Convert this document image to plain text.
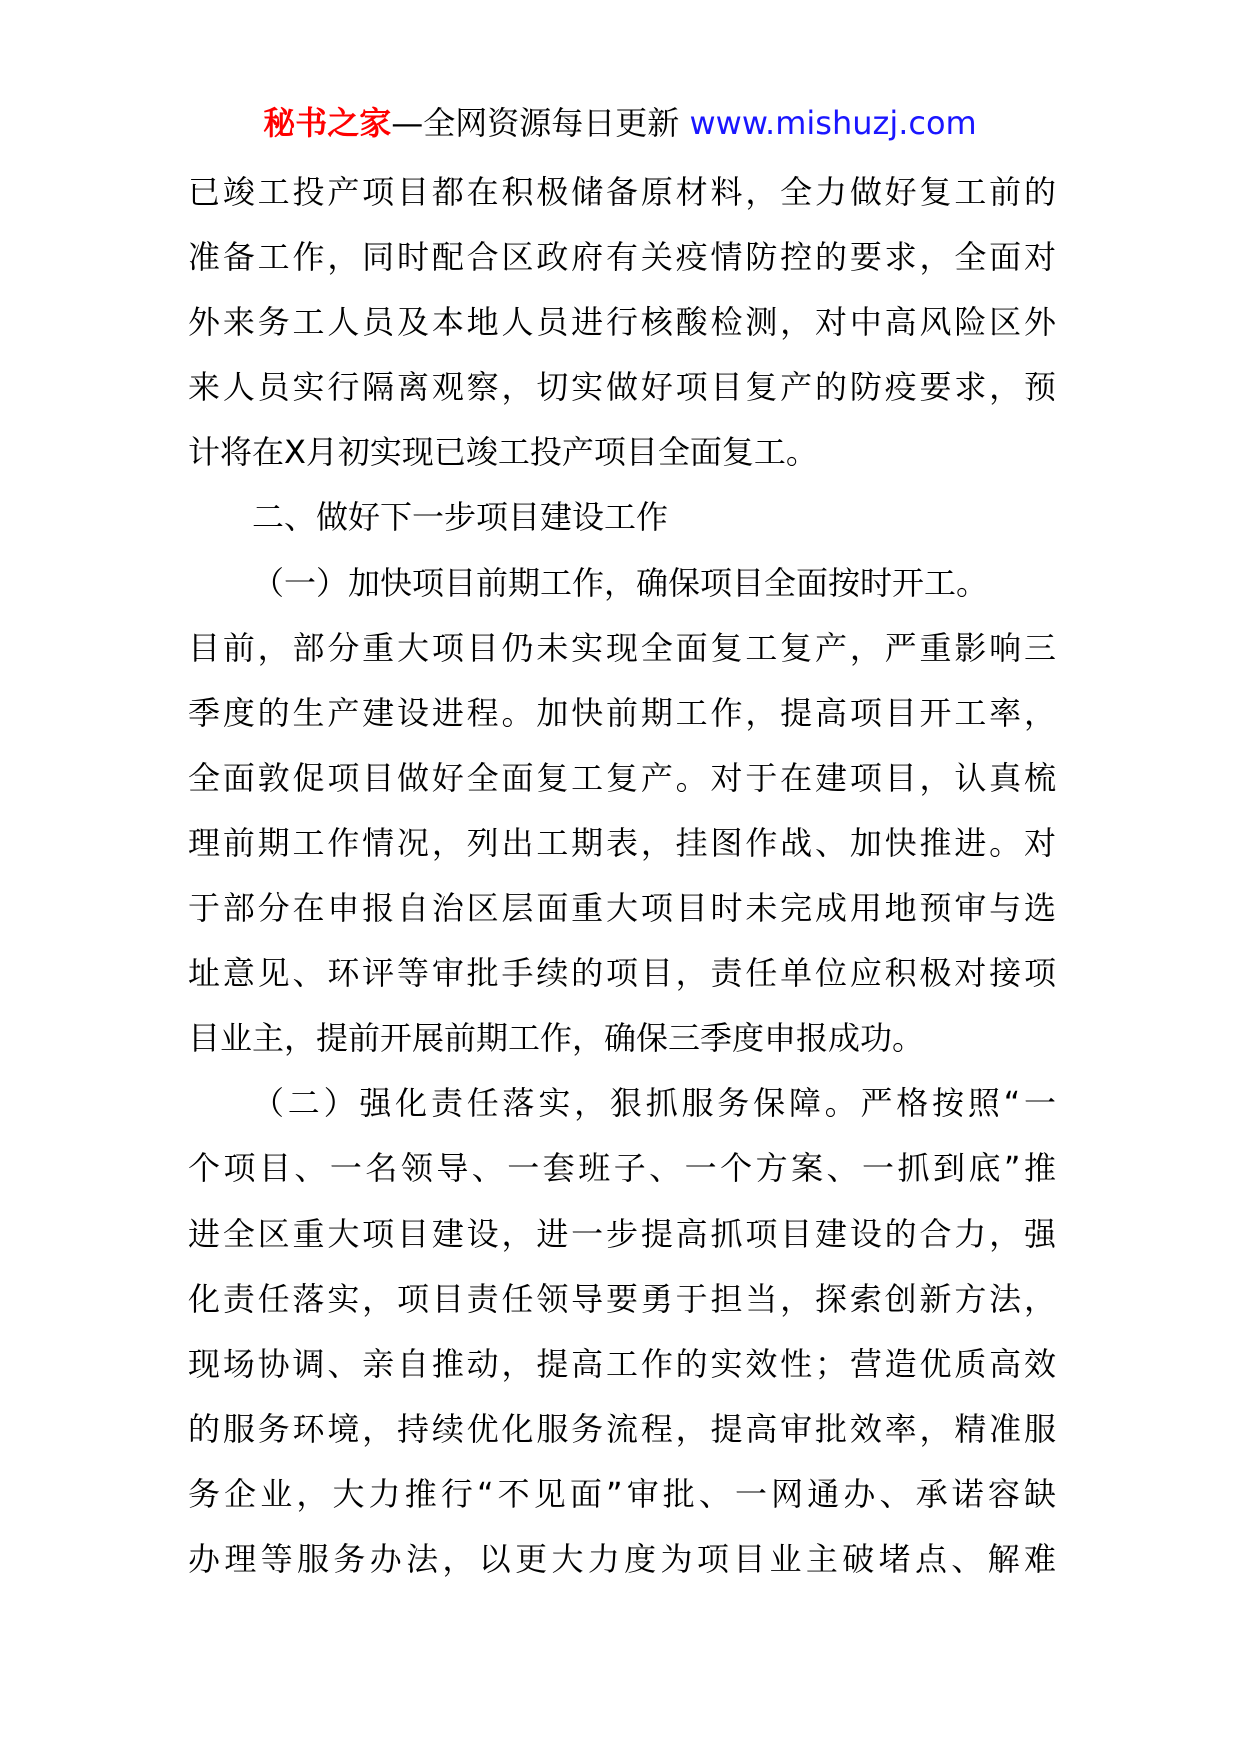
秘书之家—全网资源每日更新 www.mishuzj.com
已竣工投产项目都在积极储备原材料，全力做好复工前的
准备工作，同时配合区政府有关疫情防控的要求，全面对
外来务工人员及本地人员进行核酸检测，对中高风险区外
来人员实行隔离观察，切实做好项目复产的防疫要求，预
计将在X月初实现已竣工投产项目全面复工。
二、做好下一步项目建设工作
（一）加快项目前期工作，确保项目全面按时开工。
目前，部分重大项目仍未实现全面复工复产，严重影响三
季度的生产建设进程。加快前期工作，提高项目开工率，
全面敦促项目做好全面复工复产。对于在建项目，认真梳
理前期工作情况，列出工期表，挂图作战、加快推进。对
于部分在申报自治区层面重大项目时未完成用地预审与选
址意见、环评等审批手续的项目，责任单位应积极对接项
目业主，提前开展前期工作，确保三季度申报成功。
（二）强化责任落实，狠抓服务保障。严格按照“一
个项目、一名领导、一套班子、一个方案、一抓到底”推
进全区重大项目建设，进一步提高抓项目建设的合力，强
化责任落实，项目责任领导要勇于担当，探索创新方法，
现场协调、亲自推动，提高工作的实效性；营造优质高效
的服务环境，持续优化服务流程，提高审批效率，精准服
务企业，大力推行“不见面”审批、一网通办、承诺容缺
办理等服务办法，以更大力度为项目业主破堵点、解难
